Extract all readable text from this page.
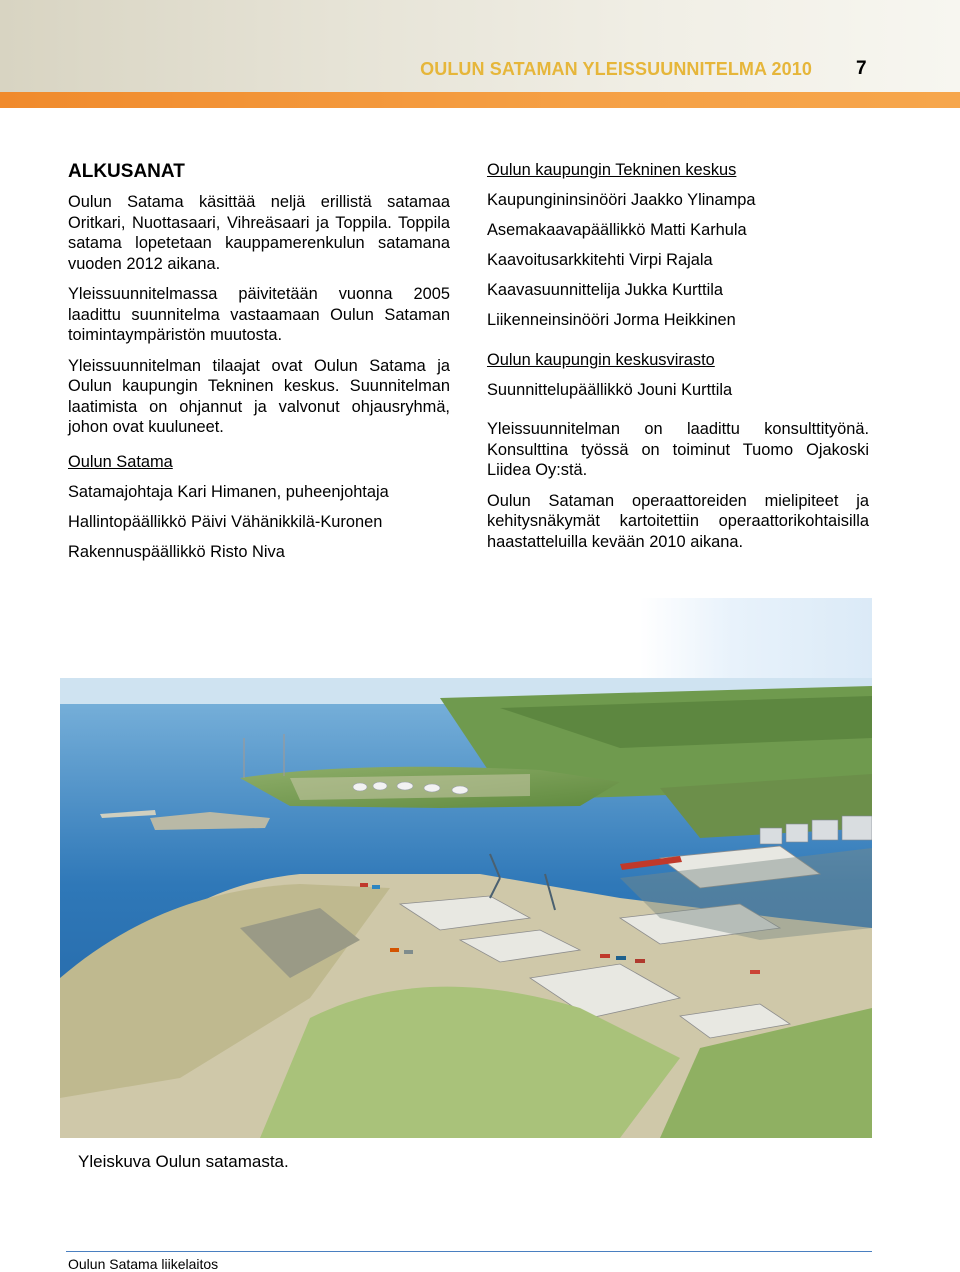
OULUN SATAMAN YLEISSUUNNITELMA 2010 7
ALKUSANAT

Oulun Satama käsittää neljä erillistä satamaa Oritkari, Nuottasaari, Vihreäsaari ja Toppila. Toppila satama lopetetaan kauppamerenkulun satamana vuoden 2012 aikana.

Yleissuunnitelmassa päivitetään vuonna 2005 laadittu suunnitelma vastaamaan Oulun Sataman toimintaympäristön muutosta.

Yleissuunnitelman tilaajat ovat Oulun Satama ja Oulun kaupungin Tekninen keskus. Suunnitelman laatimista on ohjannut ja valvonut ohjausryhmä, johon ovat kuuluneet.

Oulun Satama
Satamajohtaja Kari Himanen, puheenjohtaja
Hallintopäällikkö Päivi Vähänikkilä-Kuronen
Rakennuspäällikkö Risto Niva
Oulun kaupungin Tekninen keskus
Kaupungininsinööri Jaakko Ylinampa
Asemakaavapäällikkö Matti Karhula
Kaavoitusarkkitehti Virpi Rajala
Kaavasuunnittelija Jukka Kurttila
Liikenneinsinööri Jorma Heikkinen
Oulun kaupungin keskusvirasto
Suunnittelupäällikkö Jouni Kurttila

Yleissuunnitelman on laadittu konsulttityönä. Konsulttina työssä on toiminut Tuomo Ojakoski Liidea Oy:stä.

Oulun Sataman operaattoreiden mielipiteet ja kehitysnäkymät kartoitettiin operaattorikohtaisilla haastatteluilla kevään 2010 aikana.

Yleiskuva Oulun satamasta.
Oulun Satama liikelaitos
